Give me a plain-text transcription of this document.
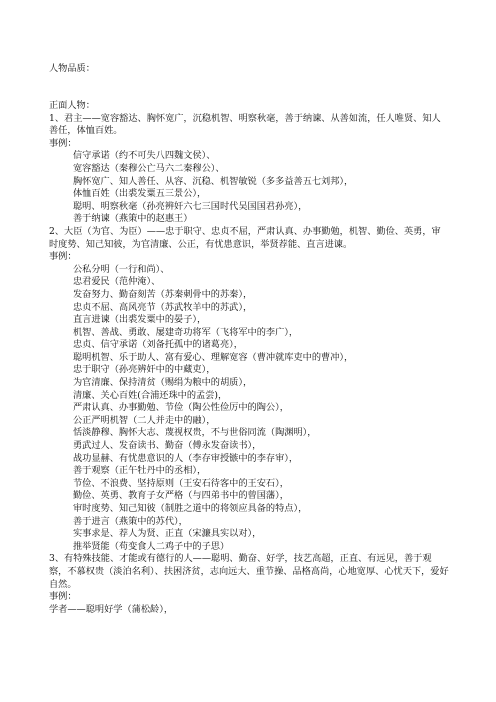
人物品质：
正面人物：
1、君主——宽容豁达、胸怀宽广，沉稳机智、明察秋毫，善于纳谏、从善如流，任人唯贤、知人善任，体恤百姓。
事例：
信守承诺（约不可失八四魏文侯）、
宽容豁达（秦穆公亡马六二秦穆公）、
胸怀宽广、知人善任、从容、沉稳、机智敏锐（多多益善五七刘邦），
体恤百姓（出裘发粟五三景公），
聪明、明察秋毫（孙亮辨奸六七三国时代吴国国君孙亮），
善于纳谏（燕策中的赵惠王）
2、大臣（为官、为臣）——忠于职守、忠贞不屈，严肃认真、办事勤勉，机智、勤俭、英勇，审时度势、知己知彼，为官清廉、公正，有忧患意识，举贤荐能、直言进谏。
事例：
公私分明（一行和尚）、
忠君爱民（范仲淹）、
发奋努力、勤奋刻苦（苏秦刺骨中的苏秦），
忠贞不屈、高风亮节（苏武牧羊中的苏武），
直言进谏（出裘发粟中的晏子），
机智、善战、勇敢、屡建奇功将军（飞将军中的李广），
忠贞、信守承诺（刘备托孤中的诸葛亮），
聪明机智、乐于助人、富有爱心、理解宽容（曹冲就库吏中的曹冲），
忠于职守（孙亮辨奸中的中藏吏），
为官清廉、保持清贫（赐绢为粮中的胡质），
清廉、关心百姓(合浦还珠中的孟尝)，
严肃认真、办事勤勉、节俭（陶公性俭厉中的陶公），
公正严明机智（二人并走中的融），
恬淡静穆、胸怀大志、蔑视权贵，不与世俗同流（陶渊明），
勇武过人、发奋读书、勤奋（傅永发奋读书），
战功显赫、有忧患意识的人（李存审授镞中的李存审），
善于观察（正午牡丹中的丞相），
节俭、不浪费、坚持原则（王安石待客中的王安石），
勤俭、英勇、教育子女严格（与四弟书中的曾国藩），
审时度势、知己知彼（制胜之道中的将领应具备的特点），
善于进言（燕策中的苏代），
实事求是、荐人为贤、正直（宋濂具实以对），
推举贤能（苟变食人二鸡子中的子思）
3、有特殊技能、才能或有德行的人——聪明、勤奋、好学，技艺高超，正直、有远见，善于观察，不慕权贵（淡泊名利）、扶困济贫，志向远大、重节操、品格高尚，心地宽厚、心忧天下，爱好自然。
事例：
学者——聪明好学（蒲松龄），
